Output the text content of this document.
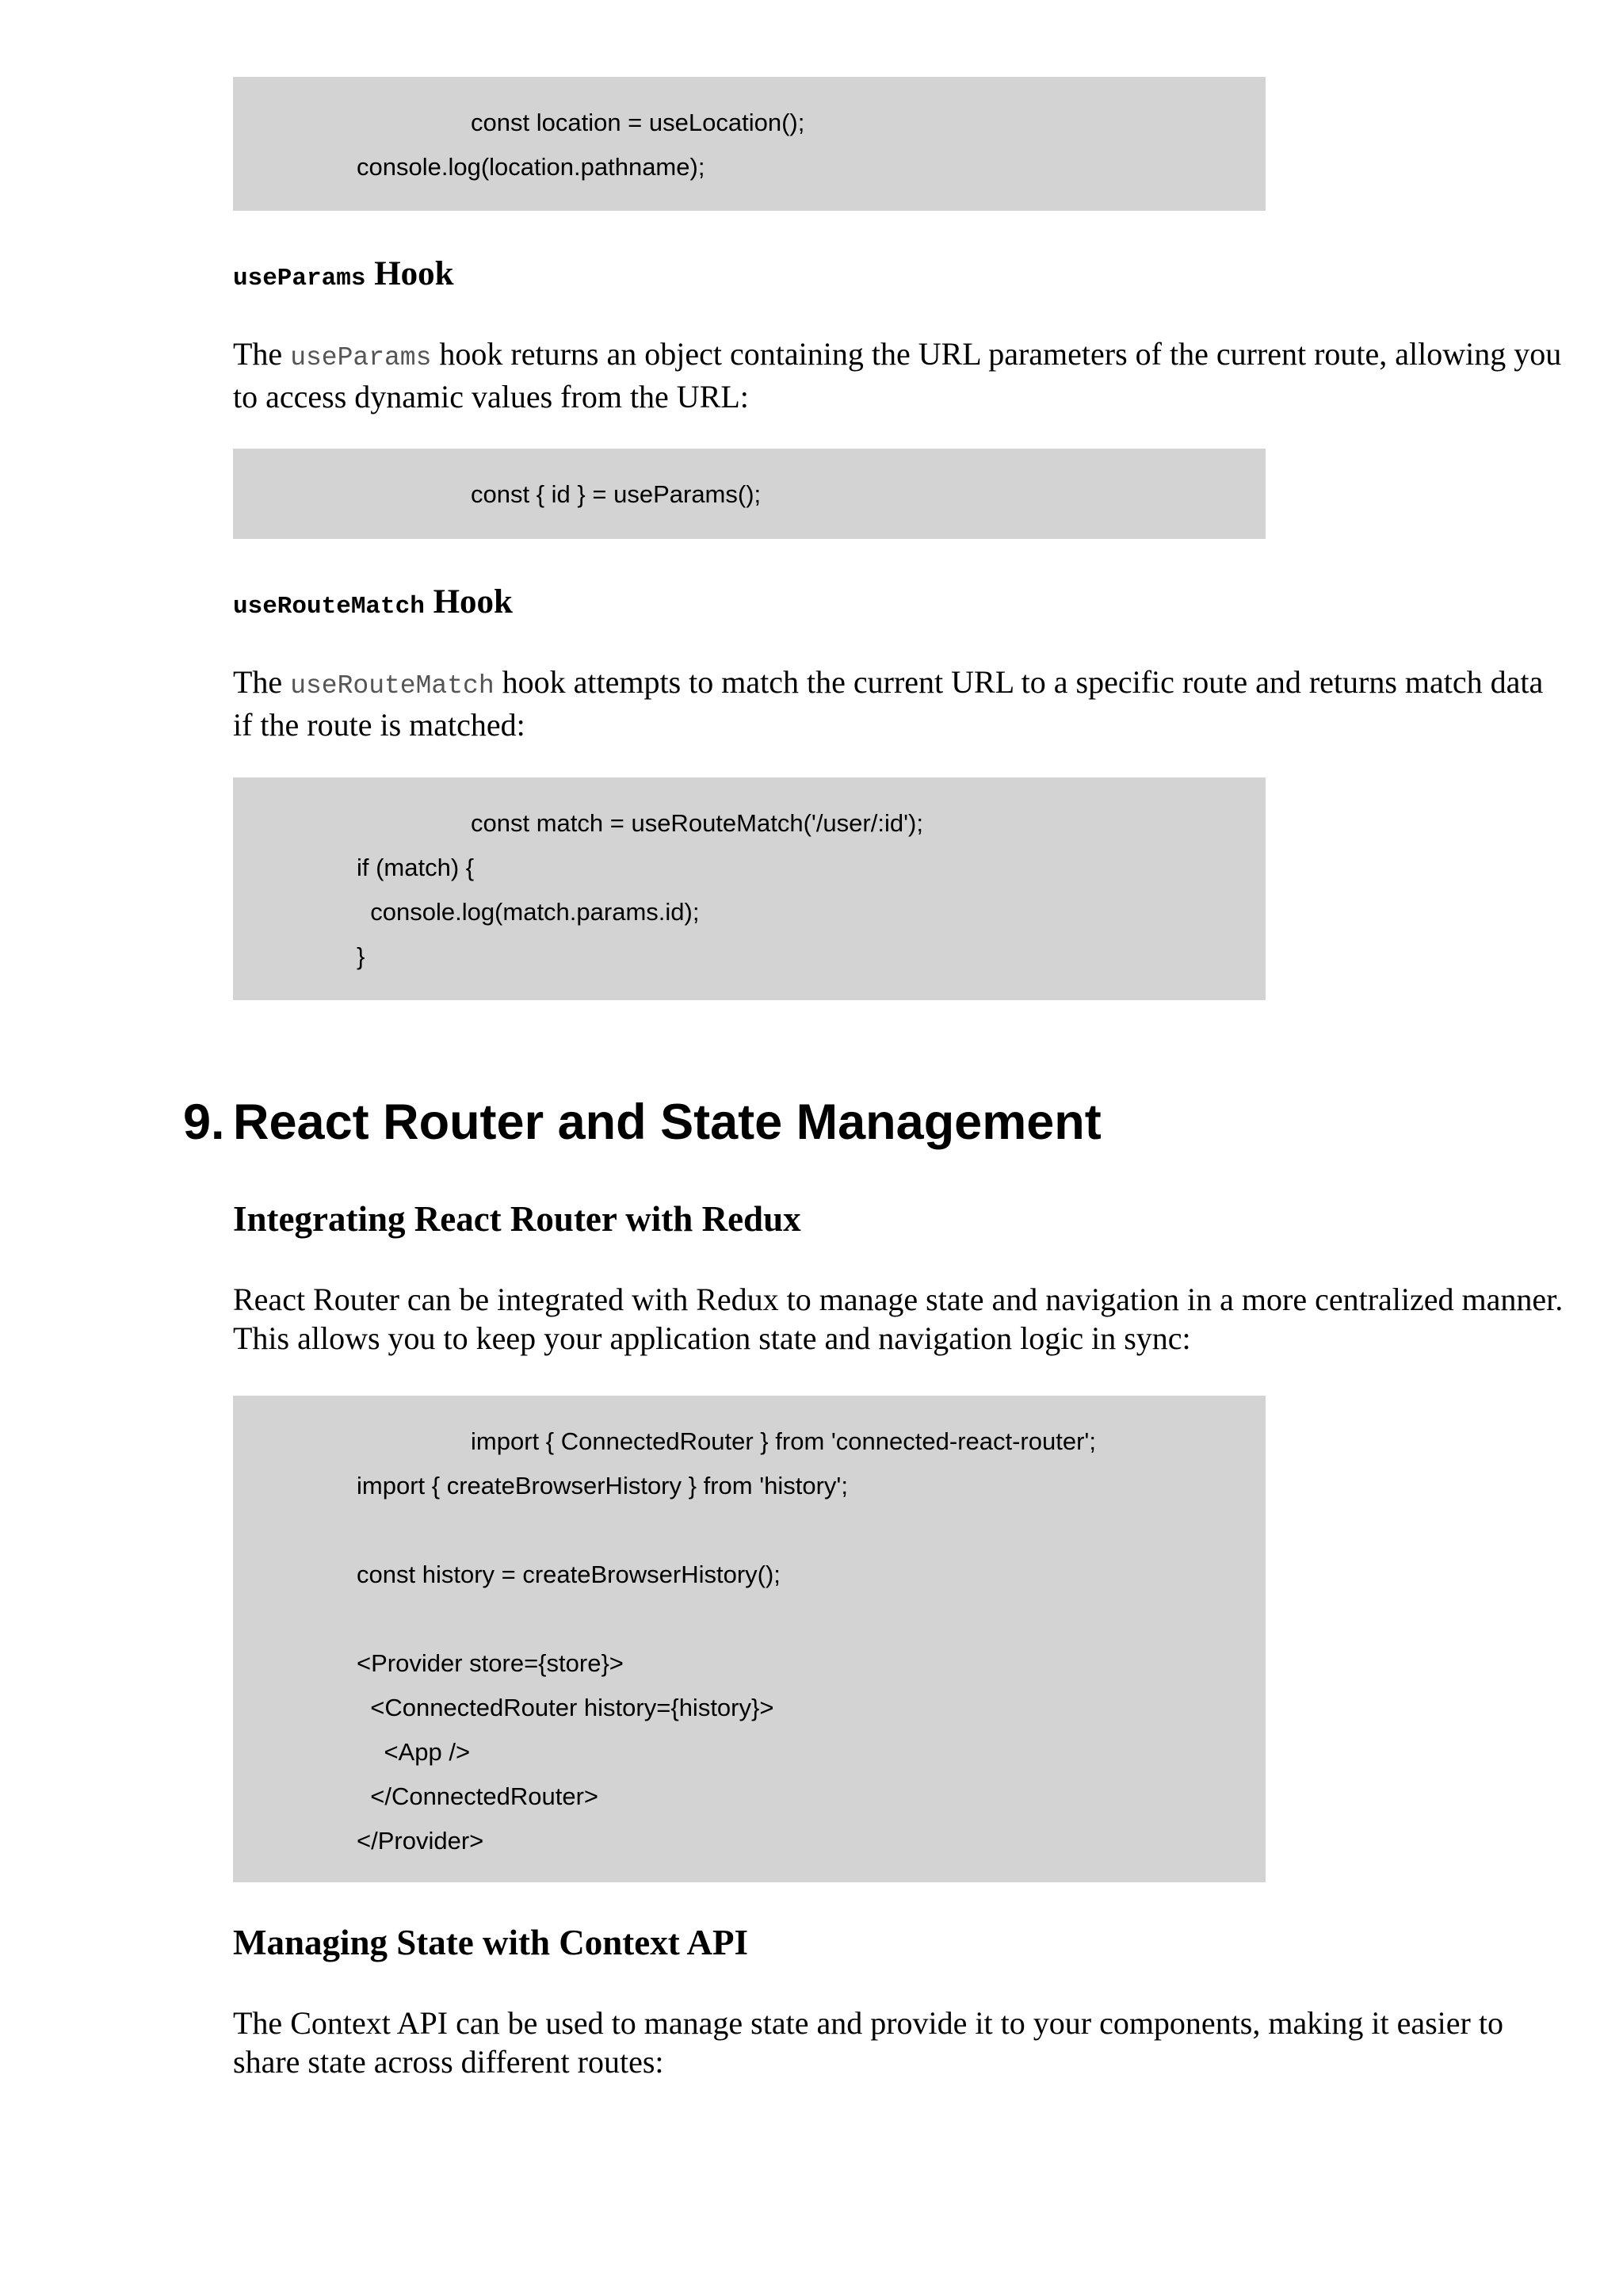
const location = useLocation();
console.log(location.pathname);
useParams Hook
The useParams hook returns an object containing the URL parameters of the current route, allowing you to access dynamic values from the URL:
const { id } = useParams();
useRouteMatch Hook
The useRouteMatch hook attempts to match the current URL to a specific route and returns match data if the route is matched:
const match = useRouteMatch('/user/:id');
if (match) {
console.log(match.params.id);
}
9. React Router and State Management
Integrating React Router with Redux
React Router can be integrated with Redux to manage state and navigation in a more centralized manner. This allows you to keep your application state and navigation logic in sync:
import { ConnectedRouter } from 'connected-react-router';
import { createBrowserHistory } from 'history';
const history = createBrowserHistory();
<Provider store={store}>
<ConnectedRouter history={history}>
<App />
</ConnectedRouter>
</Provider>
Managing State with Context API
The Context API can be used to manage state and provide it to your components, making it easier to share state across different routes:
